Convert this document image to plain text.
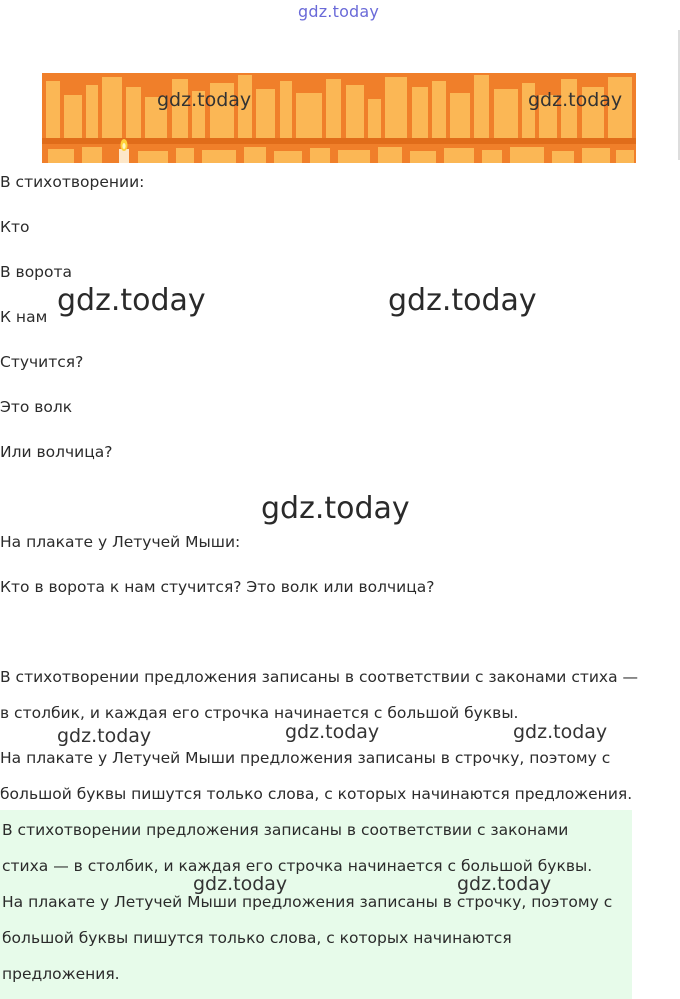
gdz.today
gdz.today	gdz.today
В стихотворении:
Кто
В ворота
К нам
Стучится?
Это волк
Или волчица?
gdz.today	gdz.today
gdz.today
На плакате у Летучей Мыши:
Кто в ворота к нам стучится? Это волк или волчица?
В стихотворении предложения записаны в соответствии с законами стиха —
в столбик, и каждая его строчка начинается с большой буквы.
На плакате у Летучей Мыши предложения записаны в строчку, поэтому с
большой буквы пишутся только слова, с которых начинаются предложения.
gdz.today	gdz.today	gdz.today
В стихотворении предложения записаны в соответствии с законами
стиха — в столбик, и каждая его строчка начинается с большой буквы.
На плакате у Летучей Мыши предложения записаны в строчку, поэтому с
большой буквы пишутся только слова, с которых начинаются
предложения.
gdz.today	gdz.today
